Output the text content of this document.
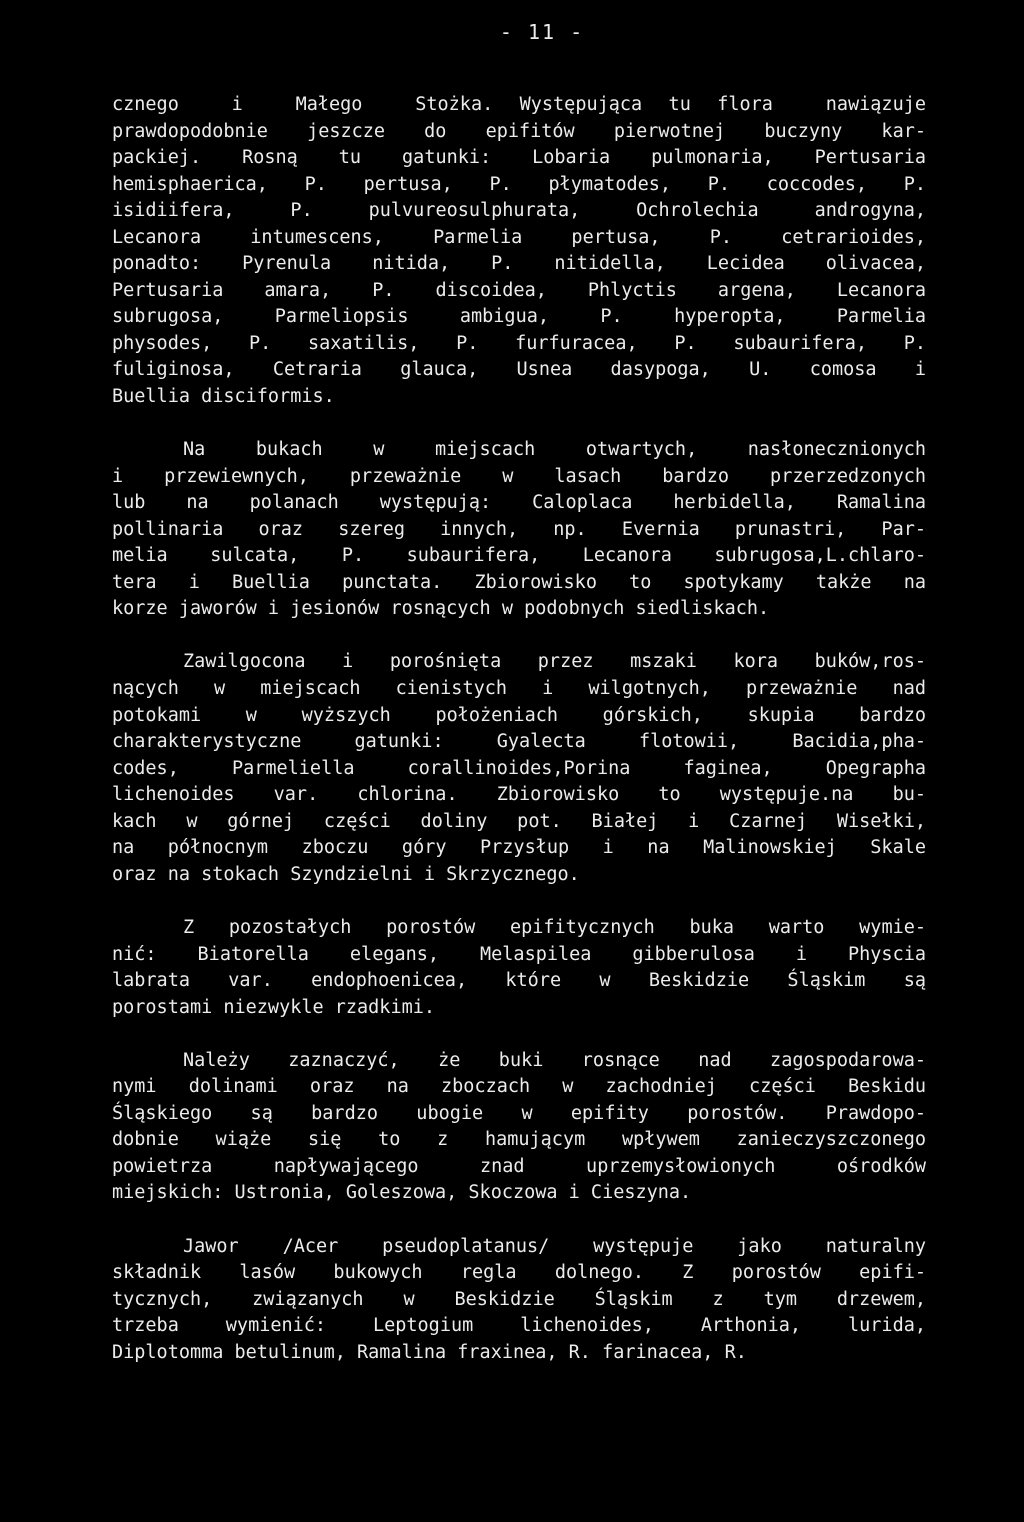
- 11 -
cznego  i  Małego  Stożka. Występująca tu flora  nawiązuje
prawdopodobnie jeszcze do epifitów pierwotnej buczyny kar-
packiej. Rosną tu gatunki: Lobaria pulmonaria, Pertusaria
hemisphaerica, P. pertusa, P. płymatodes, P. coccodes, P.
isidiifera, P. pulvureosulphurata, Ochrolechia androgyna,
Lecanora intumescens, Parmelia pertusa, P. cetrarioides,
ponadto: Pyrenula nitida, P. nitidella, Lecidea olivacea,
Pertusaria amara, P. discoidea, Phlyctis argena, Lecanora
subrugosa, Parmeliopsis ambigua, P. hyperopta, Parmelia
physodes, P. saxatilis, P. furfuracea, P. subaurifera, P.
fuliginosa, Cetraria glauca, Usnea dasypoga, U. comosa i
Buellia disciformis.
Na bukach w miejscach otwartych, nasłonecznionych
i przewiewnych, przeważnie w lasach bardzo przerzedzonych
lub na polanach występują: Caloplaca herbidella, Ramalina
pollinaria oraz szereg innych, np. Evernia prunastri, Par-
melia sulcata, P. subaurifera, Lecanora subrugosa,L.chlaro-
tera i Buellia punctata. Zbiorowisko to spotykamy także na
korze jaworów i jesionów rosnących w podobnych siedliskach.
Zawilgocona i porośnięta przez mszaki kora buków,ros-
nących w miejscach cienistych i wilgotnych, przeważnie nad
potokami w wyższych położeniach górskich, skupia bardzo
charakterystyczne gatunki: Gyalecta flotowii, Bacidia,pha-
codes, Parmeliella corallinoides,Porina faginea, Opegrapha
lichenoides var. chlorina. Zbiorowisko to występuje.na bu-
kach w górnej części doliny pot. Białej i Czarnej Wisełki,
na północnym zboczu góry Przysłup i na Malinowskiej Skale
oraz na stokach Szyndzielni i Skrzycznego.
Z pozostałych porostów epifitycznych buka warto wymie-
nić: Biatorella elegans, Melaspilea gibberulosa i Physcia
labrata var. endophoenicea, które w Beskidzie Śląskim są
porostami niezwykle rzadkimi.
Należy zaznaczyć, że buki rosnące nad zagospodarowa-
nymi dolinami oraz na zboczach w zachodniej części Beskidu
Śląskiego są bardzo ubogie w epifity porostów. Prawdopo-
dobnie wiąże się to z hamującym wpływem zanieczyszczonego
powietrza napływającego znad uprzemysłowionych ośrodków
miejskich: Ustronia, Goleszowa, Skoczowa i Cieszyna.
Jawor /Acer pseudoplatanus/ występuje jako naturalny
składnik lasów bukowych regla dolnego. Z porostów epifi-
tycznych, związanych w Beskidzie Śląskim z tym drzewem,
trzeba wymienić: Leptogium lichenoides, Arthonia, lurida,
Diplotomma betulinum, Ramalina fraxinea, R. farinacea, R.
